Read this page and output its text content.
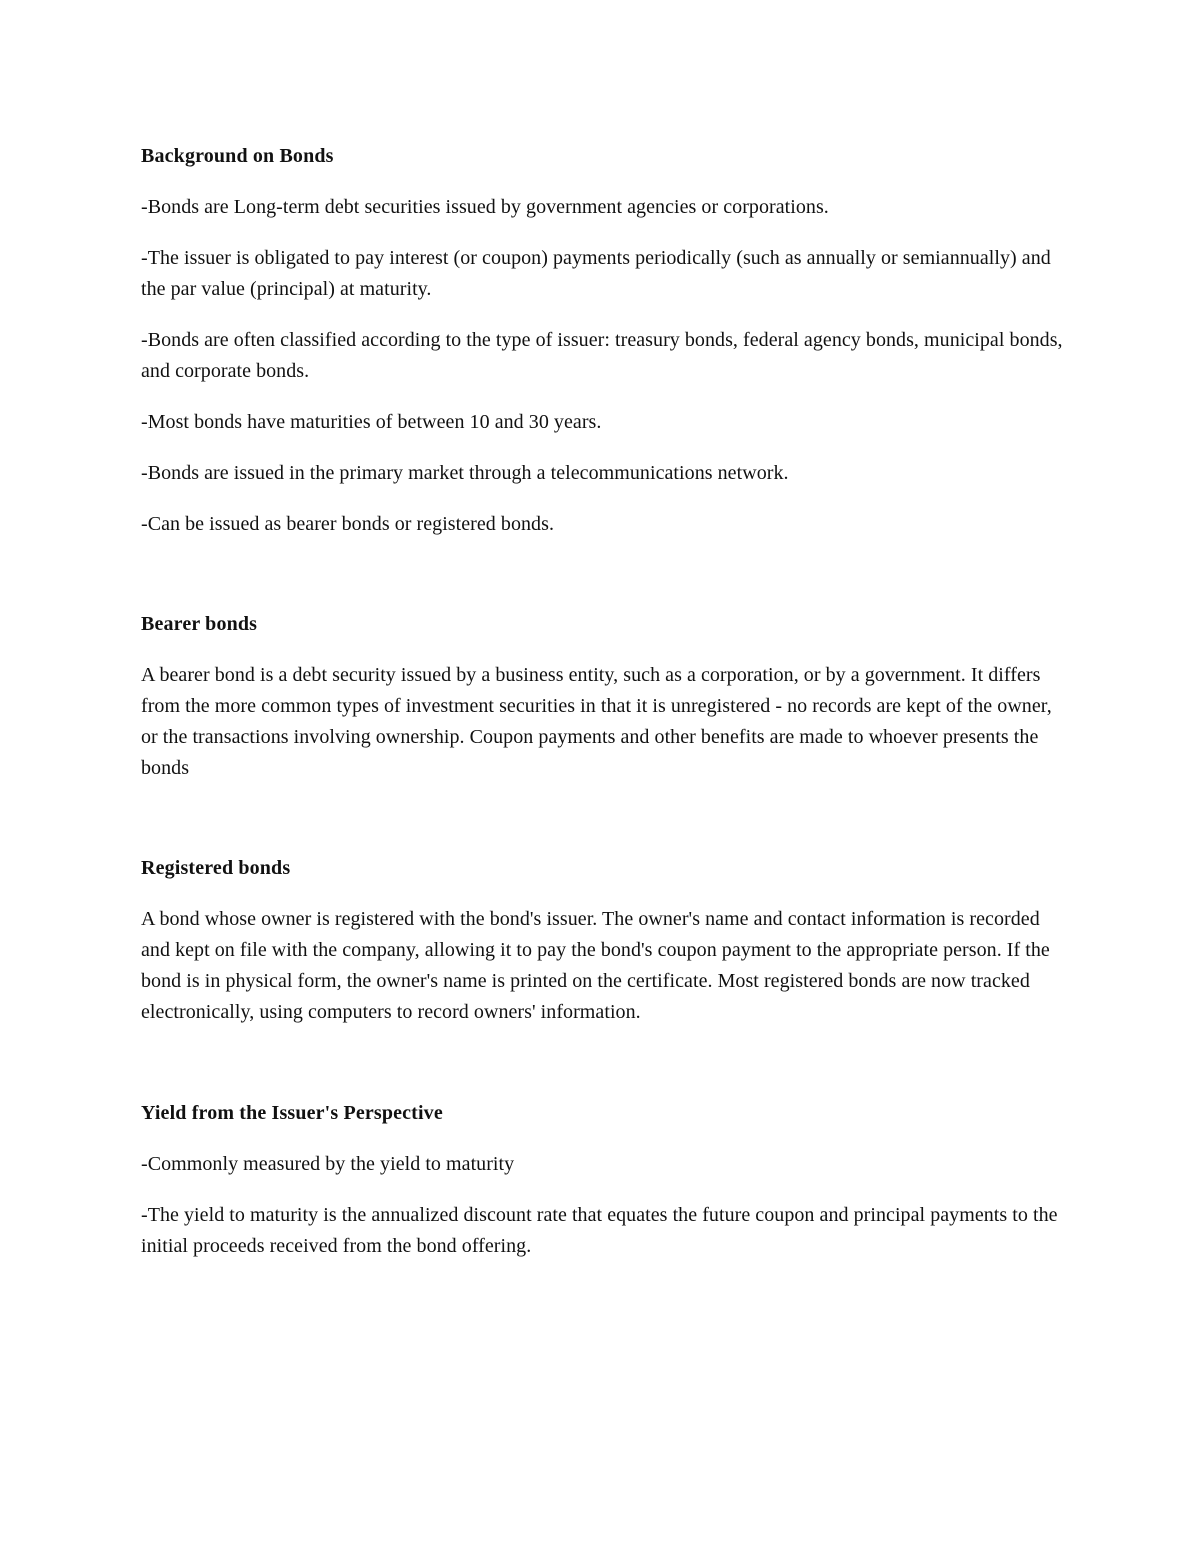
Background on Bonds
-Bonds are Long-term debt securities issued by government agencies or corporations.
-The issuer is obligated to pay interest (or coupon) payments periodically (such as annually or semiannually) and the par value (principal) at maturity.
-Bonds are often classified according to the type of issuer: treasury bonds, federal agency bonds, municipal bonds, and corporate bonds.
-Most bonds have maturities of between 10 and 30 years.
-Bonds are issued in the primary market through a telecommunications network.
-Can be issued as bearer bonds or registered bonds.
Bearer bonds
A bearer bond is a debt security issued by a business entity, such as a corporation, or by a government. It differs from the more common types of investment securities in that it is unregistered - no records are kept of the owner, or the transactions involving ownership. Coupon payments and other benefits are made to whoever presents the bonds
Registered bonds
A bond whose owner is registered with the bond's issuer. The owner's name and contact information is recorded and kept on file with the company, allowing it to pay the bond's coupon payment to the appropriate person. If the bond is in physical form, the owner's name is printed on the certificate. Most registered bonds are now tracked electronically, using computers to record owners' information.
Yield from the Issuer's Perspective
-Commonly measured by the yield to maturity
-The yield to maturity is the annualized discount rate that equates the future coupon and principal payments to the initial proceeds received from the bond offering.
